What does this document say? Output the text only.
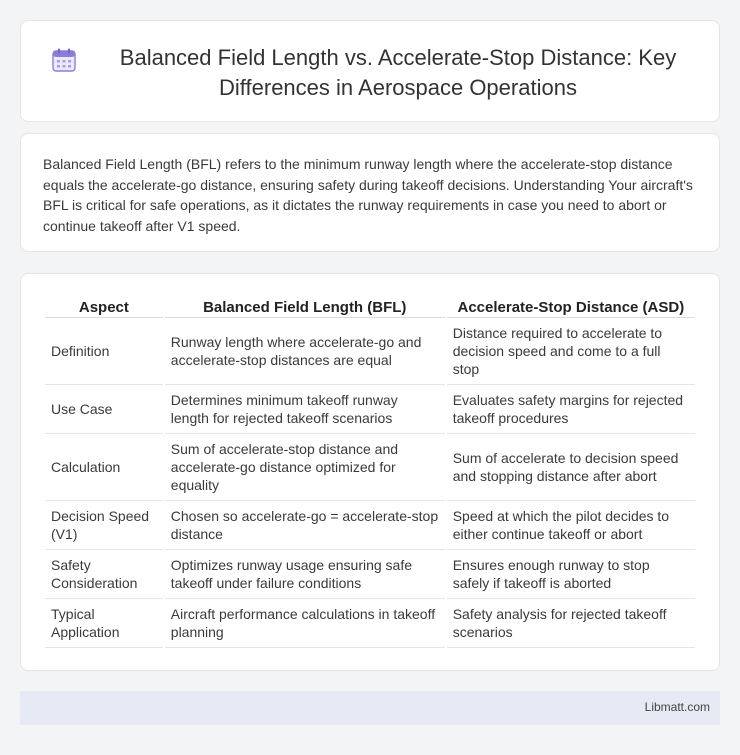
Balanced Field Length vs. Accelerate-Stop Distance: Key Differences in Aerospace Operations

Balanced Field Length (BFL) refers to the minimum runway length where the accelerate-stop distance equals the accelerate-go distance, ensuring safety during takeoff decisions. Understanding Your aircraft's BFL is critical for safe operations, as it dictates the runway requirements in case you need to abort or continue takeoff after V1 speed.

Aspect	Balanced Field Length (BFL)	Accelerate-Stop Distance (ASD)
Definition	Runway length where accelerate-go and accelerate-stop distances are equal	Distance required to accelerate to decision speed and come to a full stop
Use Case	Determines minimum takeoff runway length for rejected takeoff scenarios	Evaluates safety margins for rejected takeoff procedures
Calculation	Sum of accelerate-stop distance and accelerate-go distance optimized for equality	Sum of accelerate to decision speed and stopping distance after abort
Decision Speed (V1)	Chosen so accelerate-go = accelerate-stop distance	Speed at which the pilot decides to either continue takeoff or abort
Safety Consideration	Optimizes runway usage ensuring safe takeoff under failure conditions	Ensures enough runway to stop safely if takeoff is aborted
Typical Application	Aircraft performance calculations in takeoff planning	Safety analysis for rejected takeoff scenarios
Libmatt.com
